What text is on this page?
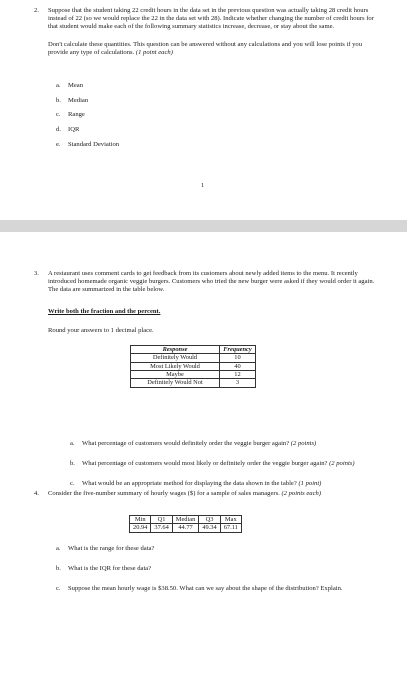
2. Suppose that the student taking 22 credit hours in the data set in the previous question was actually taking 28 credit hours instead of 22 (so we would replace the 22 in the data set with 28). Indicate whether changing the number of credit hours for that student would make each of the following summary statistics increase, decrease, or stay about the same.
Don't calculate these quantities. This question can be answered without any calculations and you will lose points if you provide any type of calculations. (1 point each)
a.	Mean
b.	Median
c.	Range
d.	IQR
e.	Standard Deviation
1
3. A restaurant uses comment cards to get feedback from its customers about newly added items to the menu. It recently introduced homemade organic veggie burgers. Customers who tried the new burger were asked if they would order it again. The data are summarized in the table below.
Write both the fraction and the percent.
Round your answers to 1 decimal place.
Response	Frequency
Definitely Would	10
Most Likely Would	40
Maybe	12
Definitely Would Not	3
a.	What percentage of customers would definitely order the veggie burger again? (2 points)
b.	What percentage of customers would most likely or definitely order the veggie burger again? (2 points)
c.	What would be an appropriate method for displaying the data shown in the table? (1 point)
4. Consider the five-number summary of hourly wages ($) for a sample of sales managers. (2 points each)
Min	Q1	Median	Q3	Max
20.94	37.64	44.77	49.34	67.11
a.	What is the range for these data?
b.	What is the IQR for these data?
c.	Suppose the mean hourly wage is $38.50. What can we say about the shape of the distribution? Explain.
